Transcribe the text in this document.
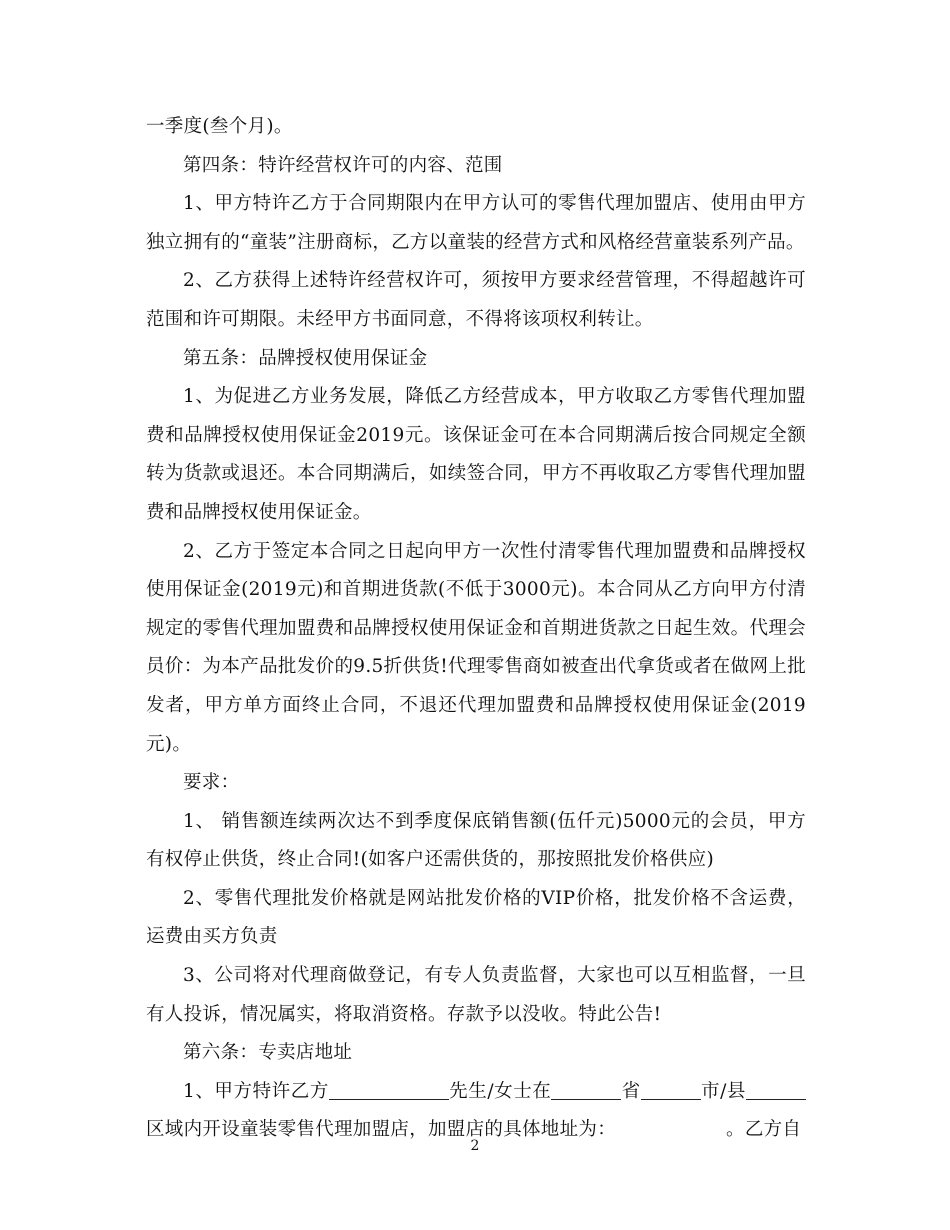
一季度(叁个月)。

第四条：特许经营权许可的内容、范围

1、甲方特许乙方于合同期限内在甲方认可的零售代理加盟店、使用由甲方独立拥有的“童装”注册商标，乙方以童装的经营方式和风格经营童装系列产品。

2、乙方获得上述特许经营权许可，须按甲方要求经营管理，不得超越许可范围和许可期限。未经甲方书面同意，不得将该项权利转让。

第五条：品牌授权使用保证金

1、为促进乙方业务发展，降低乙方经营成本，甲方收取乙方零售代理加盟费和品牌授权使用保证金2019元。该保证金可在本合同期满后按合同规定全额转为货款或退还。本合同期满后，如续签合同，甲方不再收取乙方零售代理加盟费和品牌授权使用保证金。

2、乙方于签定本合同之日起向甲方一次性付清零售代理加盟费和品牌授权使用保证金(2019元)和首期进货款(不低于3000元)。本合同从乙方向甲方付清规定的零售代理加盟费和品牌授权使用保证金和首期进货款之日起生效。代理会员价：为本产品批发价的9.5折供货!代理零售商如被查出代拿货或者在做网上批发者，甲方单方面终止合同，不退还代理加盟费和品牌授权使用保证金(2019元)。

要求：

1、 销售额连续两次达不到季度保底销售额(伍仟元)5000元的会员，甲方有权停止供货，终止合同!(如客户还需供货的，那按照批发价格供应)

2、零售代理批发价格就是网站批发价格的VIP价格，批发价格不含运费，运费由买方负责

3、公司将对代理商做登记，有专人负责监督，大家也可以互相监督，一旦有人投诉，情况属实，将取消资格。存款予以没收。特此公告!

第六条：专卖店地址

1、甲方特许乙方	先生/女士在	省	市/县区域内开设童装零售代理加盟店，加盟店的具体地址为：	。乙方自

2
